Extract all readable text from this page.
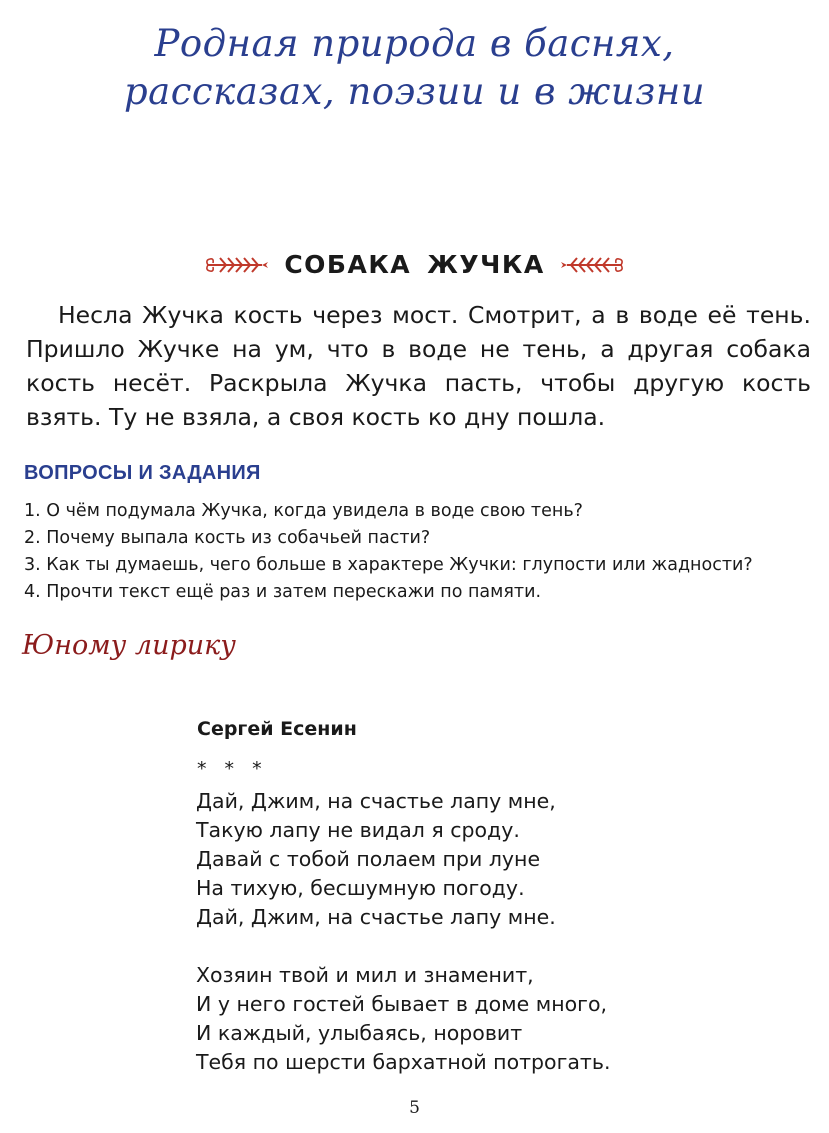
Родная природа в баснях,
рассказах, поэзии и в жизни
СОБАКА ЖУЧКА

Несла Жучка кость через мост. Смотрит, а в воде её тень. Пришло Жучке на ум, что в воде не тень, а другая собака кость несёт. Раскрыла Жучка пасть, чтобы другую кость взять. Ту не взяла, а своя кость ко дну пошла.

ВОПРОСЫ И ЗАДАНИЯ
1. О чём подумала Жучка, когда увидела в воде свою тень?
2. Почему выпала кость из собачьей пасти?
3. Как ты думаешь, чего больше в характере Жучки: глупости или жадности?
4. Прочти текст ещё раз и затем перескажи по памяти.
Юному лирику
Сергей Есенин
* * *
Дай, Джим, на счастье лапу мне,
Такую лапу не видал я сроду.
Давай с тобой полаем при луне
На тихую, бесшумную погоду.
Дай, Джим, на счастье лапу мне.
Хозяин твой и мил и знаменит,
И у него гостей бывает в доме много,
И каждый, улыбаясь, норовит
Тебя по шерсти бархатной потрогать.
5
